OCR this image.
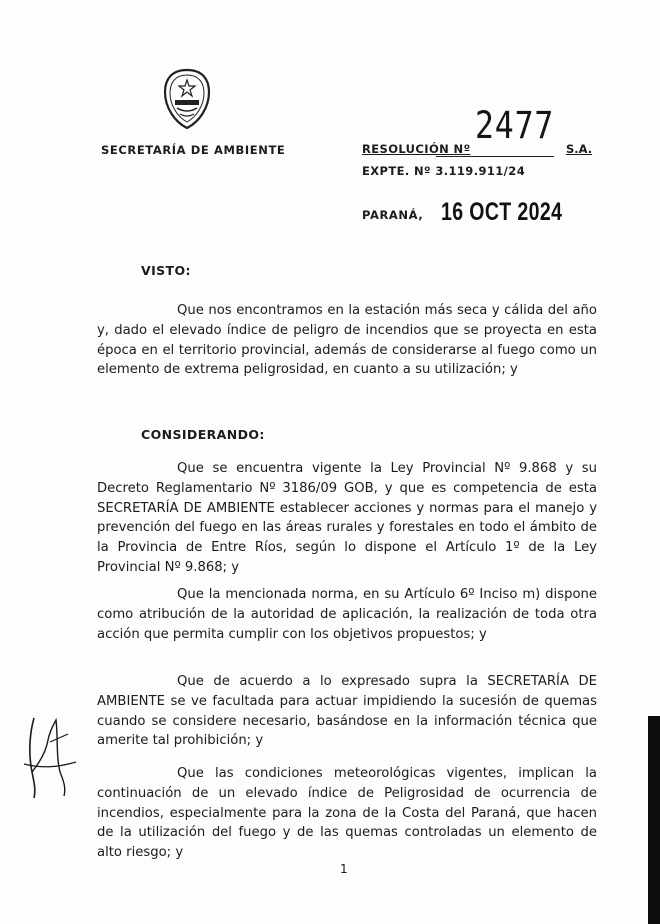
SECRETARÍA DE AMBIENTE
2477
RESOLUCIÓN Nº	S.A.
EXPTE. Nº 3.119.911/24
PARANÁ, 16 OCT 2024
VISTO:
Que nos encontramos en la estación más seca y cálida del año y, dado el elevado índice de peligro de incendios que se proyecta en esta época en el territorio provincial, además de considerarse al fuego como un elemento de extrema peligrosidad, en cuanto a su utilización; y
CONSIDERANDO:
Que se encuentra vigente la Ley Provincial Nº 9.868 y su Decreto Reglamentario Nº 3186/09 GOB, y que es competencia de esta SECRETARÍA DE AMBIENTE establecer acciones y normas para el manejo y prevención del fuego en las áreas rurales y forestales en todo el ámbito de la Provincia de Entre Ríos, según lo dispone el Artículo 1º de la Ley Provincial Nº 9.868; y
Que la mencionada norma, en su Artículo 6º Inciso m) dispone como atribución de la autoridad de aplicación, la realización de toda otra acción que permita cumplir con los objetivos propuestos; y
Que de acuerdo a lo expresado supra la SECRETARÍA DE AMBIENTE se ve facultada para actuar impidiendo la sucesión de quemas cuando se considere necesario, basándose en la información técnica que amerite tal prohibición; y
Que las condiciones meteorológicas vigentes, implican la continuación de un elevado índice de Peligrosidad de ocurrencia de incendios, especialmente para la zona de la Costa del Paraná, que hacen de la utilización del fuego y de las quemas controladas un elemento de alto riesgo; y
1
